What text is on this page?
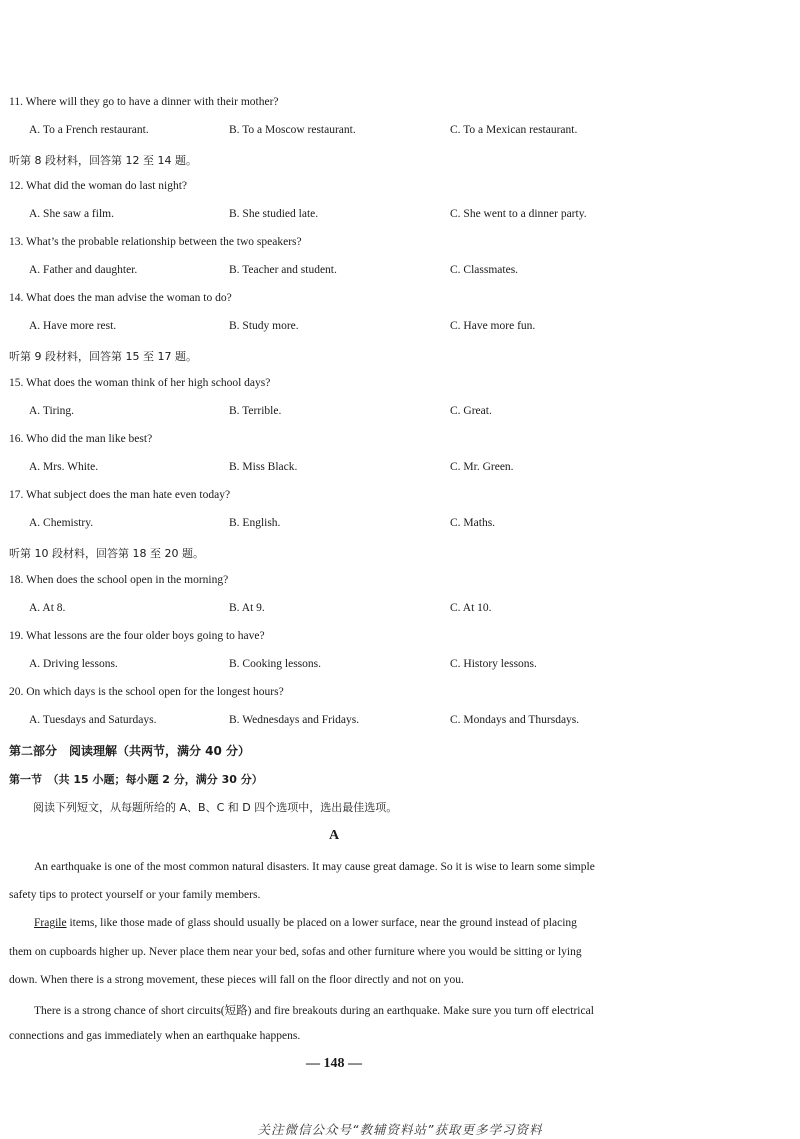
11. Where will they go to have a dinner with their mother?
A. To a French restaurant.	B. To a Moscow restaurant.	C. To a Mexican restaurant.
听第 8 段材料，回答第 12 至 14 题。
12. What did the woman do last night?
A. She saw a film.	B. She studied late.	C. She went to a dinner party.
13. What’s the probable relationship between the two speakers?
A. Father and daughter.	B. Teacher and student.	C. Classmates.
14. What does the man advise the woman to do?
A. Have more rest.	B. Study more.	C. Have more fun.
听第 9 段材料，回答第 15 至 17 题。
15. What does the woman think of her high school days?
A. Tiring.	B. Terrible.	C. Great.
16. Who did the man like best?
A. Mrs. White.	B. Miss Black.	C. Mr. Green.
17. What subject does the man hate even today?
A. Chemistry.	B. English.	C. Maths.
听第 10 段材料，回答第 18 至 20 题。
18. When does the school open in the morning?
A. At 8.	B. At 9.	C. At 10.
19. What lessons are the four older boys going to have?
A. Driving lessons.	B. Cooking lessons.	C. History lessons.
20. On which days is the school open for the longest hours?
A. Tuesdays and Saturdays.	B. Wednesdays and Fridays.	C. Mondays and Thursdays.
第二部分　阅读理解（共两节，满分 40 分）
第一节　（共 15 小题；每小题 2 分，满分 30 分）
阅读下列短文，从每题所给的 A、B、C 和 D 四个选项中，选出最佳选项。
A
An earthquake is one of the most common natural disasters. It may cause great damage. So it is wise to learn some simple
safety tips to protect yourself or your family members.
Fragile items, like those made of glass should usually be placed on a lower surface, near the ground instead of placing
them on cupboards higher up. Never place them near your bed, sofas and other furniture where you would be sitting or lying
down. When there is a strong movement, these pieces will fall on the floor directly and not on you.
There is a strong chance of short circuits(短路) and fire breakouts during an earthquake. Make sure you turn off electrical
connections and gas immediately when an earthquake happens.
— 148 —
关注微信公众号“教辅资料站”获取更多学习资料
